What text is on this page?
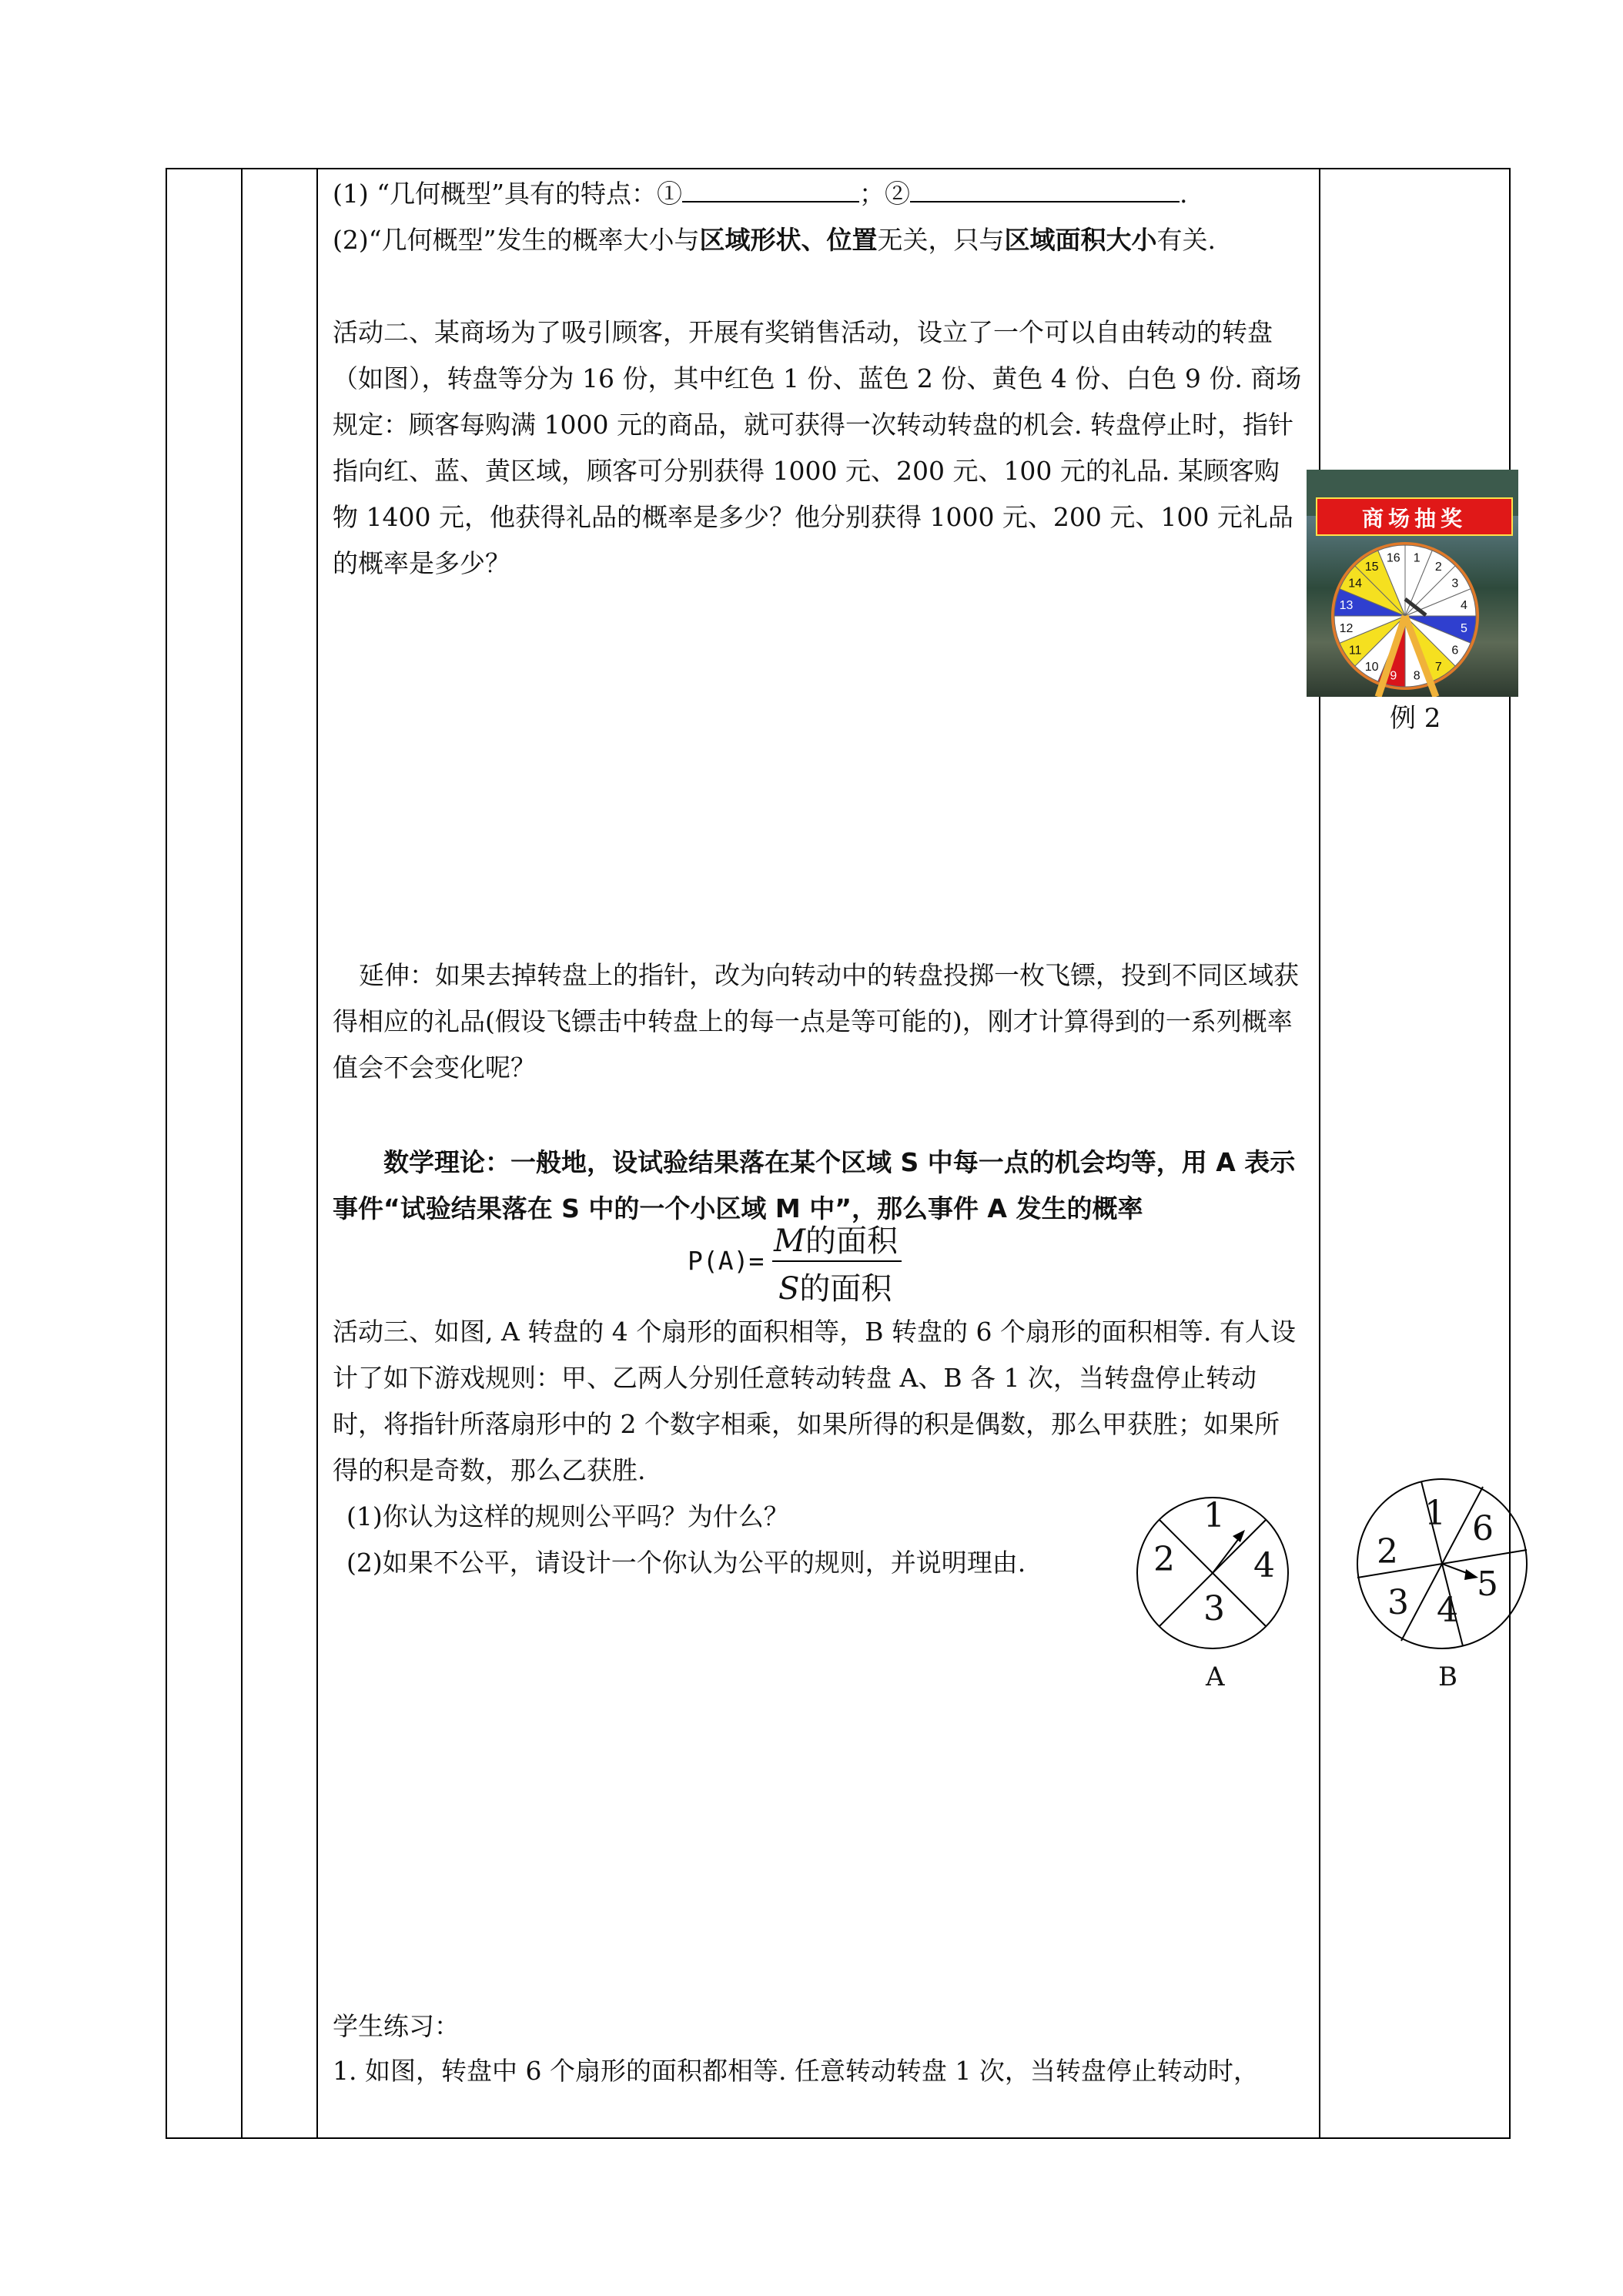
(1) “几何概型”具有的特点：①	；②	.

(2)“几何概型”发生的概率大小与区域形状、位置无关，只与区域面积大小有关.

活动二、某商场为了吸引顾客，开展有奖销售活动，设立了一个可以自由转动的转盘（如图），转盘等分为 16 份，其中红色 1 份、蓝色 2 份、黄色 4 份、白色 9 份. 商场规定：顾客每购满 1000 元的商品，就可获得一次转动转盘的机会. 转盘停止时，指针指向红、蓝、黄区域，顾客可分别获得 1000 元、200 元、100 元的礼品. 某顾客购物 1400 元，他获得礼品的概率是多少？他分别获得 1000 元、200 元、100 元礼品的概率是多少？

延伸：如果去掉转盘上的指针，改为向转动中的转盘投掷一枚飞镖，投到不同区域获得相应的礼品(假设飞镖击中转盘上的每一点是等可能的)，刚才计算得到的一系列概率值会不会变化呢？

数学理论：一般地，设试验结果落在某个区域 S 中每一点的机会均等，用 A 表示事件“试验结果落在 S 中的一个小区域 M 中”，那么事件 A 发生的概率

P(A)=
M的面积
S的面积

活动三、如图, A 转盘的 4 个扇形的面积相等，B 转盘的 6 个扇形的面积相等. 有人设计了如下游戏规则：甲、乙两人分别任意转动转盘 A、B 各 1 次，当转盘停止转动时，将指针所落扇形中的 2 个数字相乘，如果所得的积是偶数，那么甲获胜；如果所得的积是奇数，那么乙获胜.

(1)你认为这样的规则公平吗？为什么？

(2)如果不公平，请设计一个你认为公平的规则，并说明理由.

学生练习：

1. 如图，转盘中 6 个扇形的面积都相等. 任意转动转盘 1 次，当转盘停止转动时，

商场抽奖
1
2
3
4
5
6
7
8
9
10
11
12
13
14
15
16
例 2
1
4
3
2
A
1 6
5
4
3
2
B
